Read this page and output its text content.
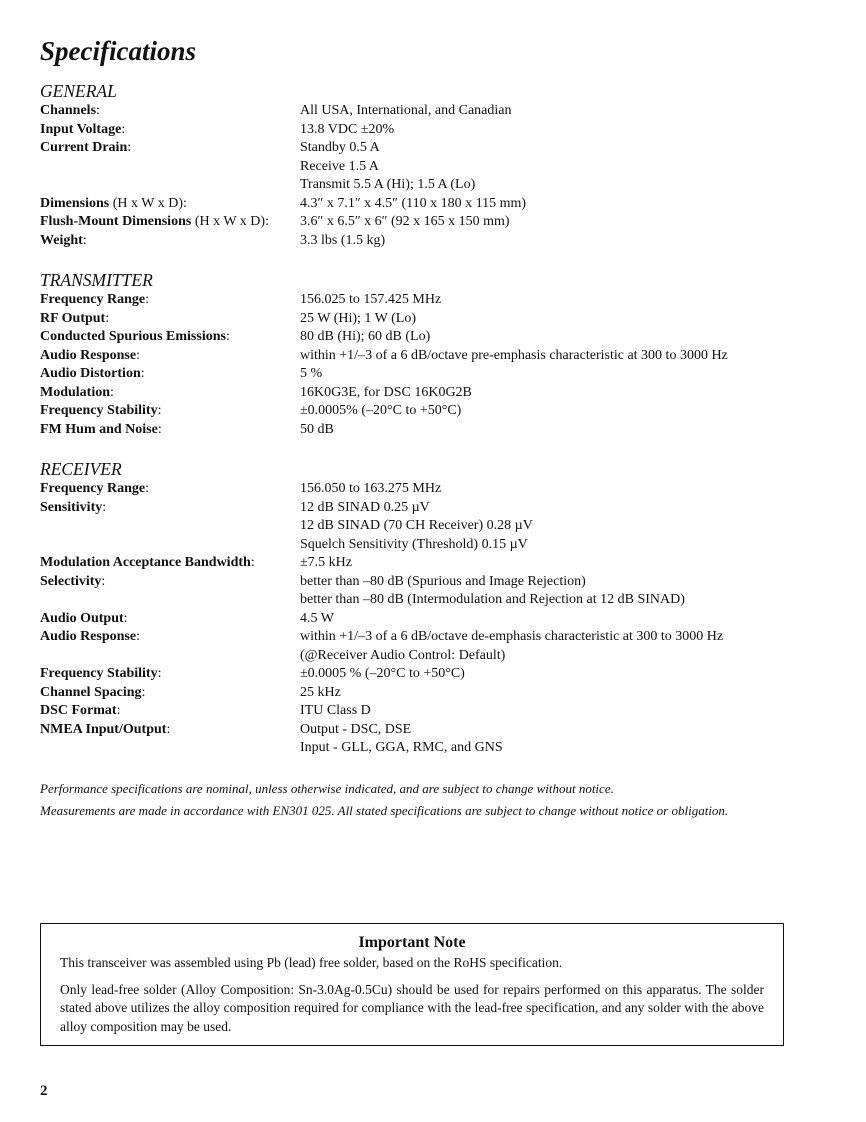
Specifications
GENERAL
Channels:	All USA, International, and Canadian
Input Voltage:	13.8 VDC ±20%
Current Drain:	Standby 0.5 A
Receive 1.5 A
Transmit 5.5 A (Hi); 1.5 A (Lo)
Dimensions (H x W x D):	4.3″ x 7.1″ x 4.5″ (110 x 180 x 115 mm)
Flush-Mount Dimensions (H x W x D):	3.6″ x 6.5″ x 6″ (92 x 165 x 150 mm)
Weight:	3.3 lbs (1.5 kg)
TRANSMITTER
Frequency Range:	156.025 to 157.425 MHz
RF Output:	25 W (Hi); 1 W (Lo)
Conducted Spurious Emissions:	80 dB (Hi); 60 dB (Lo)
Audio Response:	within +1/–3 of a 6 dB/octave pre-emphasis characteristic at 300 to 3000 Hz
Audio Distortion:	5 %
Modulation:	16K0G3E, for DSC 16K0G2B
Frequency Stability:	±0.0005% (–20°C to +50°C)
FM Hum and Noise:	50 dB
RECEIVER
Frequency Range:	156.050 to 163.275 MHz
Sensitivity:	12 dB SINAD 0.25 µV
12 dB SINAD (70 CH Receiver) 0.28 µV
Squelch Sensitivity (Threshold) 0.15 µV
Modulation Acceptance Bandwidth:	±7.5 kHz
Selectivity:	better than –80 dB (Spurious and Image Rejection)
better than –80 dB (Intermodulation and Rejection at 12 dB SINAD)
Audio Output:	4.5 W
Audio Response:	within +1/–3 of a 6 dB/octave de-emphasis characteristic at 300 to 3000 Hz
(@Receiver Audio Control: Default)
Frequency Stability:	±0.0005 % (–20°C to +50°C)
Channel Spacing:	25 kHz
DSC Format:	ITU Class D
NMEA Input/Output:	Output - DSC, DSE
Input - GLL, GGA, RMC, and GNS
Performance specifications are nominal, unless otherwise indicated, and are subject to change without notice.
Measurements are made in accordance with EN301 025. All stated specifications are subject to change without notice or obligation.
Important Note

This transceiver was assembled using Pb (lead) free solder, based on the RoHS specification.

Only lead-free solder (Alloy Composition: Sn-3.0Ag-0.5Cu) should be used for repairs performed on this apparatus. The solder stated above utilizes the alloy composition required for compliance with the lead-free specification, and any solder with the above alloy composition may be used.

2
